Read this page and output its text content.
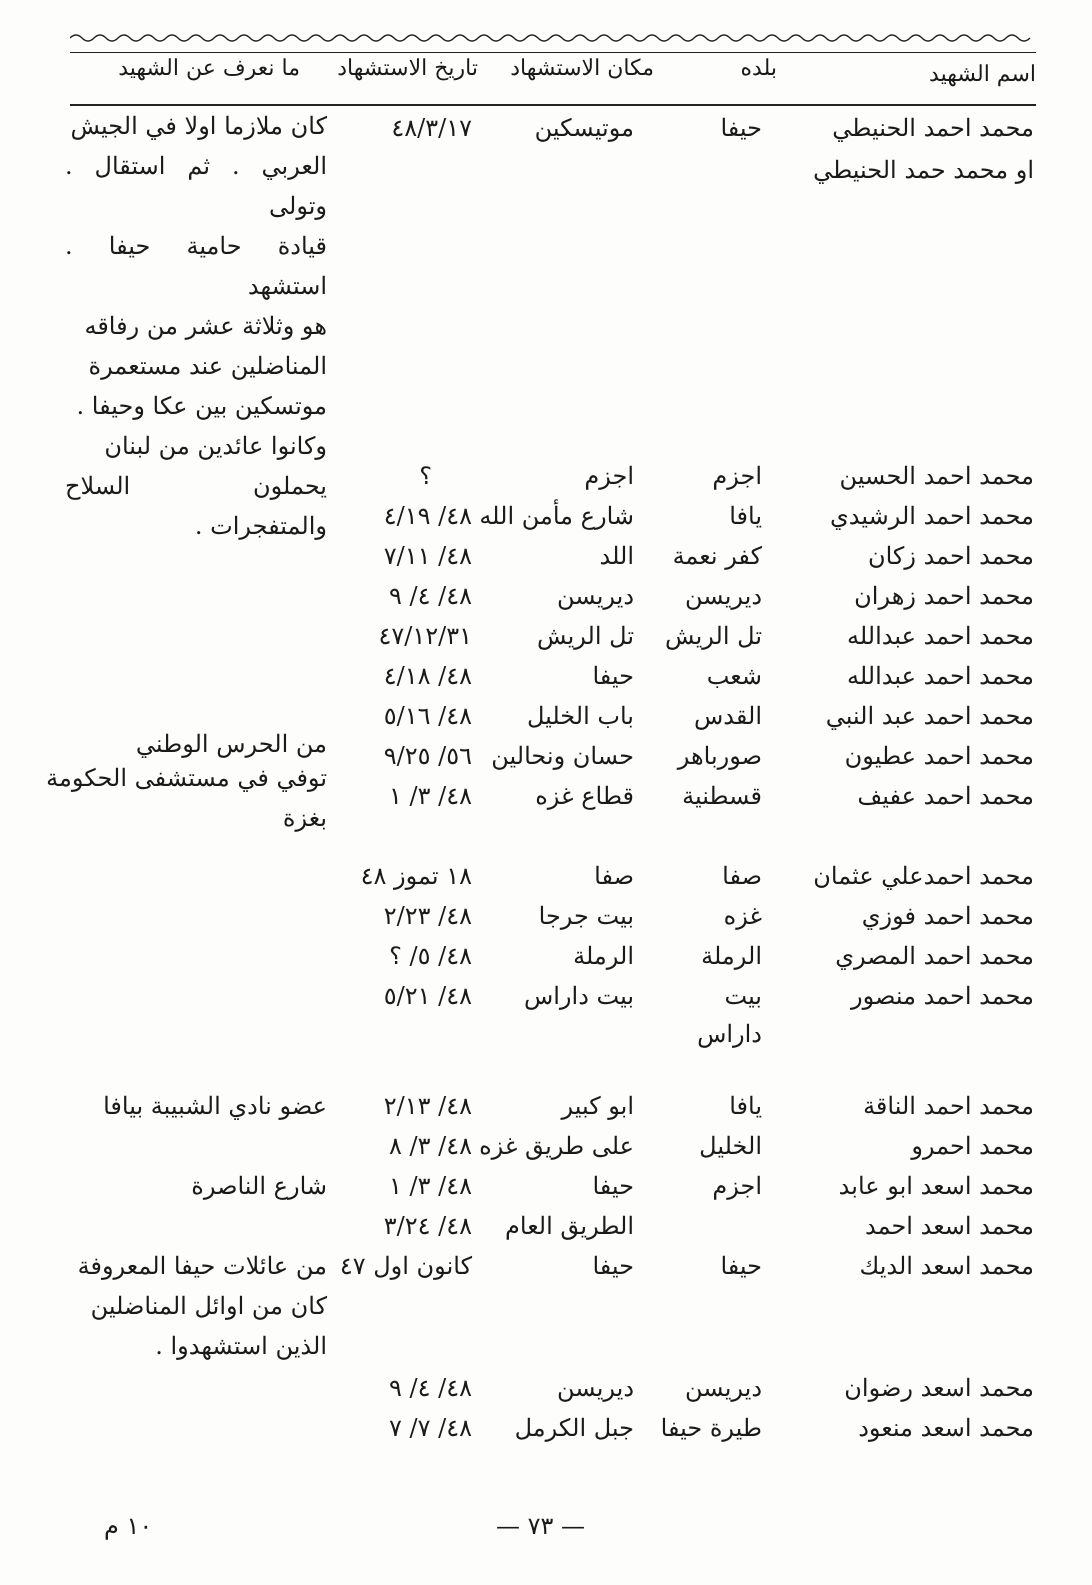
اسم الشهيد
بلده
مكان الاستشهاد
تاريخ الاستشهاد
ما نعرف عن الشهيد
كان ملازما اولا في الجيش
العربي . ثم استقال . وتولى
قيادة حامية حيفا . استشهد
هو وثلاثة عشر من رفاقه
المناضلين عند مستعمرة
موتسكين بين عكا وحيفا .
وكانوا عائدين من لبنان
يحملون السلاح والمتفجرات .
محمد احمد الحنيطي
حيفا
موتيسكين
٤٨/٣/١٧
او محمد حمد الحنيطي
محمد احمد الحسين
اجزم
اجزم
؟
محمد احمد الرشيدي
يافا
شارع مأمن الله
٤٨/ ٤/١٩
محمد احمد زكان
كفر نعمة
اللد
٤٨/ ٧/١١
محمد احمد زهران
ديريسن
ديريسن
٤٨/ ٤/ ٩
محمد احمد عبدالله
تل الريش
تل الريش
٤٧/١٢/٣١
محمد احمد عبدالله
شعب
حيفا
٤٨/ ٤/١٨
محمد احمد عبد النبي
القدس
باب الخليل
٤٨/ ٥/١٦
من الحرس الوطني	محمد احمد عطيون
صورباهر
حسان ونحالين
٥٦/ ٩/٢٥
توفي في مستشفى الحكومة
محمد احمد عفيف
قسطنية
قطاع غزه
٤٨/ ٣/ ١
بغزة
محمد احمدعلي عثمان
صفا
صفا
١٨ تموز ٤٨
محمد احمد فوزي
غزه
بيت جرجا
٤٨/ ٢/٢٣
محمد احمد المصري
الرملة
الرملة
٤٨/ ٥/ ؟
محمد احمد منصور
بيت
بيت داراس
٤٨/ ٥/٢١
داراس
محمد احمد الناقة
يافا
ابو كبير
٤٨/ ٢/١٣
عضو نادي الشبيبة بيافا
محمد احمرو
الخليل
على طريق غزه
٤٨/ ٣/ ٨
محمد اسعد ابو عابد
اجزم
حيفا
٤٨/ ٣/ ١
شارع الناصرة
محمد اسعد احمد
الطريق العام
٤٨/ ٣/٢٤
محمد اسعد الديك
حيفا
حيفا
كانون اول ٤٧
من عائلات حيفا المعروفة
كان من اوائل المناضلين
الذين استشهدوا .
محمد اسعد رضوان
ديريسن
ديريسن
٤٨/ ٤/ ٩
محمد اسعد منعود
طيرة حيفا
جبل الكرمل
٤٨/ ٧/ ٧
١٠ م	— ٧٣ —
